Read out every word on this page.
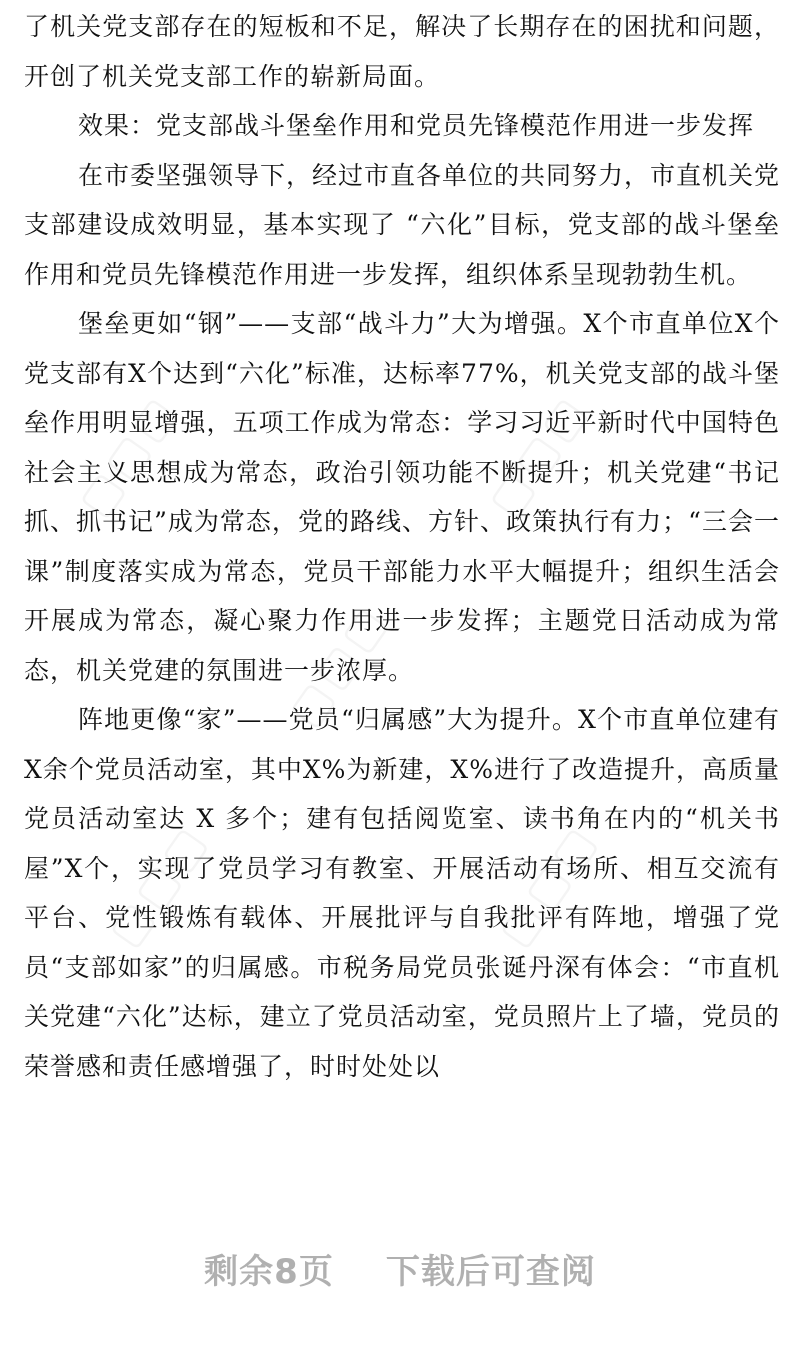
了机关党支部存在的短板和不足，解决了长期存在的困扰和问题，开创了机关党支部工作的崭新局面。

效果：党支部战斗堡垒作用和党员先锋模范作用进一步发挥

在市委坚强领导下，经过市直各单位的共同努力，市直机关党支部建设成效明显，基本实现了 “六化”目标，党支部的战斗堡垒作用和党员先锋模范作用进一步发挥，组织体系呈现勃勃生机。

堡垒更如“钢”——支部“战斗力”大为增强。X个市直单位X个党支部有X个达到“六化”标准，达标率77%，机关党支部的战斗堡垒作用明显增强，五项工作成为常态：学习习近平新时代中国特色社会主义思想成为常态，政治引领功能不断提升；机关党建“书记抓、抓书记”成为常态，党的路线、方针、政策执行有力；“三会一课”制度落实成为常态，党员干部能力水平大幅提升；组织生活会开展成为常态，凝心聚力作用进一步发挥；主题党日活动成为常态，机关党建的氛围进一步浓厚。

阵地更像“家”——党员“归属感”大为提升。X个市直单位建有X余个党员活动室，其中X%为新建，X%进行了改造提升，高质量党员活动室达 X 多个；建有包括阅览室、读书角在内的“机关书屋”X个，实现了党员学习有教室、开展活动有场所、相互交流有平台、党性锻炼有载体、开展批评与自我批评有阵地，增强了党员“支部如家”的归属感。市税务局党员张诞丹深有体会：“市直机关党建“六化”达标，建立了党员活动室，党员照片上了墙，党员的荣誉感和责任感增强了，时时处处以

剩余8页 下载后可查阅
